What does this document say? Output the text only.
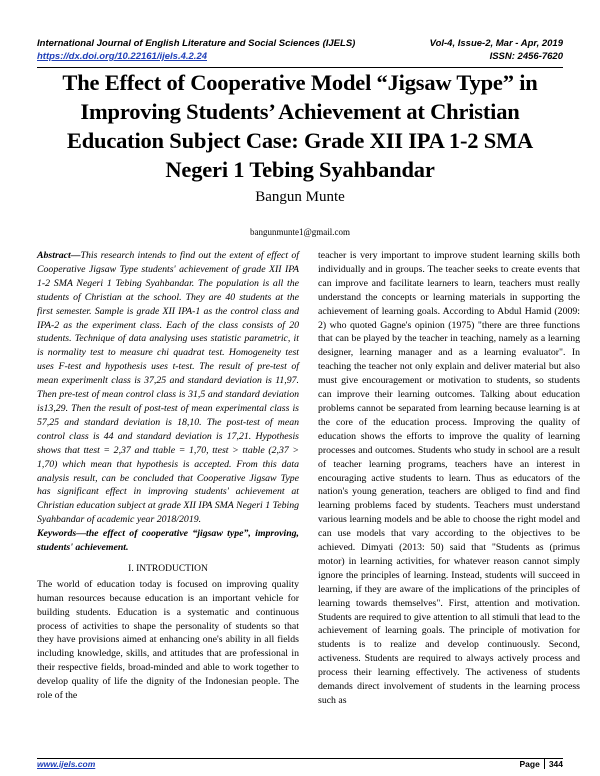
International Journal of English Literature and Social Sciences (IJELS)	Vol-4, Issue-2, Mar - Apr, 2019
https://dx.doi.org/10.22161/ijels.4.2.24	ISSN: 2456-7620
The Effect of Cooperative Model “Jigsaw Type” in Improving Students’ Achievement at Christian Education Subject Case: Grade XII IPA 1-2 SMA Negeri 1 Tebing Syahbandar
Bangun Munte
bangunmunte1@gmail.com
Abstract—This research intends to find out the extent of effect of Cooperative Jigsaw Type students' achievement of grade XII IPA 1-2 SMA Negeri 1 Tebing Syahbandar. The population is all the students of Christian at the school. They are 40 students at the first semester. Sample is grade XII IPA-1 as the control class and IPA-2 as the experiment class. Each of the class consists of 20 students. Technique of data analysing uses statistic parametric, it is normality test to measure chi quadrat test. Homogeneity test uses F-test and hypothesis uses t-test. The result of pre-test of mean experimenlt class is 37,25 and standard deviation is 11,97. Then pre-test of mean control class is 31,5 and standard deviation is13,29. Then the result of post-test of mean experimental class is 57,25 and standard deviation is 18,10. The post-test of mean control class is 44 and standard deviation is 17,21. Hypothesis shows that ttest = 2,37 and ttable = 1,70, ttest > ttable (2,37 > 1,70) which mean that hypothesis is accepted. From this data analysis result, can be concluded that Cooperative Jigsaw Type has significant effect in improving students' achievement at Christian education subject at grade XII IPA SMA Negeri 1 Tebing Syahbandar of academic year 2018/2019.
Keywords—the effect of cooperative “jigsaw type”, improving, students' achievement.
I. INTRODUCTION
The world of education today is focused on improving quality human resources because education is an important vehicle for building students. Education is a systematic and continuous process of activities to shape the personality of students so that they have provisions aimed at enhancing one's ability in all fields including knowledge, skills, and attitudes that are professional in their respective fields, broad-minded and able to work together to develop quality of life the dignity of the Indonesian people. The role of the
teacher is very important to improve student learning skills both individually and in groups. The teacher seeks to create events that can improve and facilitate learners to learn, teachers must really understand the concepts or learning materials in supporting the achievement of learning goals. According to Abdul Hamid (2009: 2) who quoted Gagne's opinion (1975) "there are three functions that can be played by the teacher in teaching, namely as a learning designer, learning manager and as a learning evaluator". In teaching the teacher not only explain and deliver material but also must give encouragement or motivation to students, so students can improve their learning outcomes. Talking about education problems cannot be separated from learning because learning is at the core of the education process. Improving the quality of education shows the efforts to improve the quality of learning processes and outcomes. Students who study in school are a result of teacher learning programs, teachers have an interest in encouraging active students to learn. Thus as educators of the nation's young generation, teachers are obliged to find and find learning problems faced by students. Teachers must understand various learning models and be able to choose the right model and can use models that vary according to the objectives to be achieved. Dimyati (2013: 50) said that "Students as (primus motor) in learning activities, for whatever reason cannot simply ignore the principles of learning. Instead, students will succeed in learning, if they are aware of the implications of the principles of learning towards themselves". First, attention and motivation. Students are required to give attention to all stimuli that lead to the achievement of learning goals. The principle of motivation for students is to realize and develop continuously. Second, activeness. Students are required to always actively process and process their learning effectively. The activeness of students demands direct involvement of students in the learning process such as
www.ijels.com	Page 344
